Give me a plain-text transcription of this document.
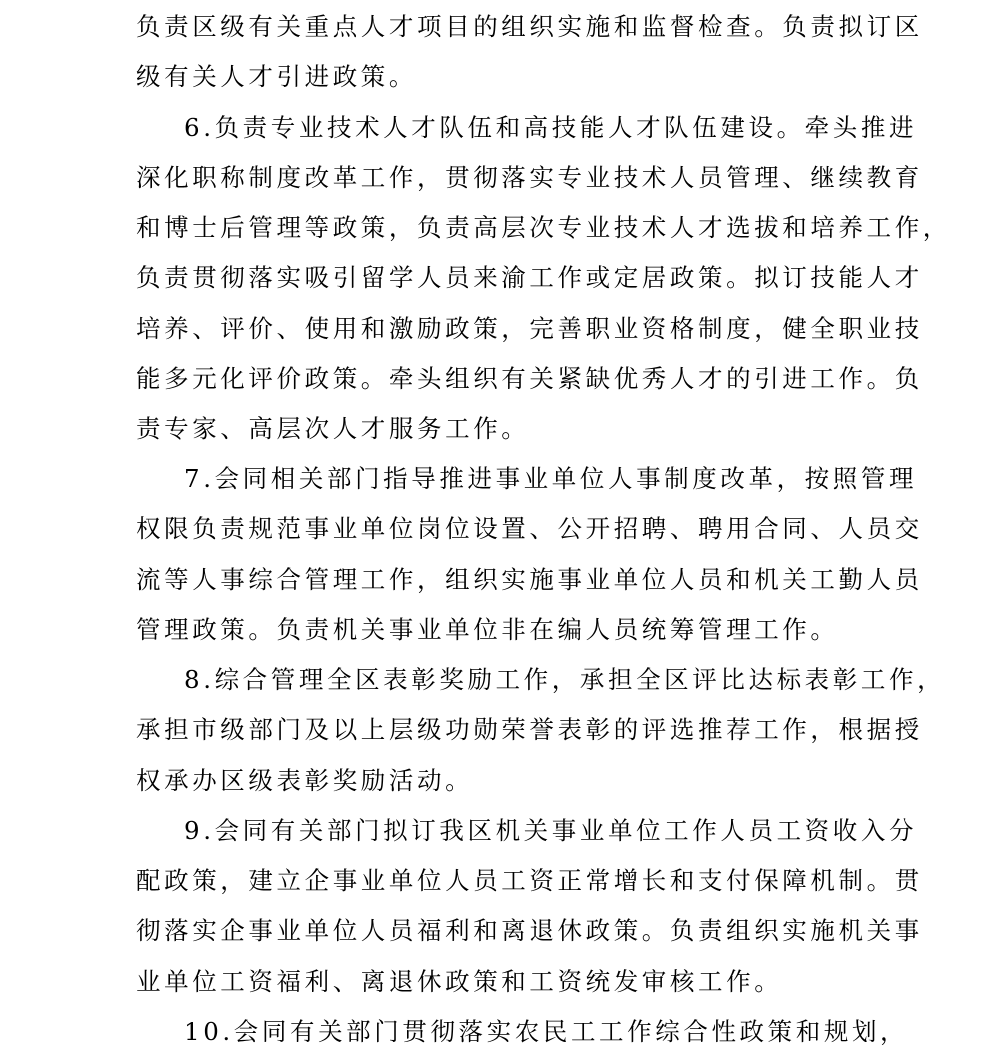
负责区级有关重点人才项目的组织实施和监督检查。负责拟订区
级有关人才引进政策。
6.负责专业技术人才队伍和高技能人才队伍建设。牵头推进
深化职称制度改革工作，贯彻落实专业技术人员管理、继续教育
和博士后管理等政策，负责高层次专业技术人才选拔和培养工作，
负责贯彻落实吸引留学人员来渝工作或定居政策。拟订技能人才
培养、评价、使用和激励政策，完善职业资格制度，健全职业技
能多元化评价政策。牵头组织有关紧缺优秀人才的引进工作。负
责专家、高层次人才服务工作。
7.会同相关部门指导推进事业单位人事制度改革，按照管理
权限负责规范事业单位岗位设置、公开招聘、聘用合同、人员交
流等人事综合管理工作，组织实施事业单位人员和机关工勤人员
管理政策。负责机关事业单位非在编人员统筹管理工作。
8.综合管理全区表彰奖励工作，承担全区评比达标表彰工作，
承担市级部门及以上层级功勋荣誉表彰的评选推荐工作，根据授
权承办区级表彰奖励活动。
9.会同有关部门拟订我区机关事业单位工作人员工资收入分
配政策，建立企事业单位人员工资正常增长和支付保障机制。贯
彻落实企事业单位人员福利和离退休政策。负责组织实施机关事
业单位工资福利、离退休政策和工资统发审核工作。
10.会同有关部门贯彻落实农民工工作综合性政策和规划，
